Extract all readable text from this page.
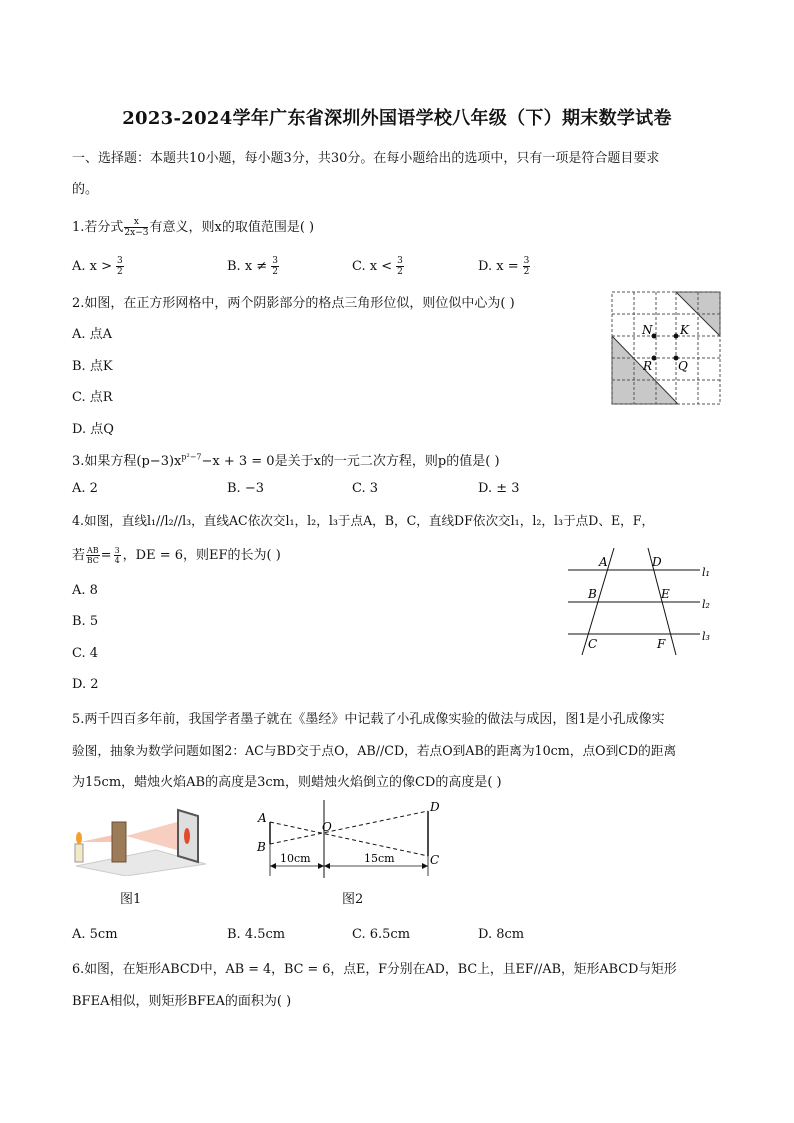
2023-2024学年广东省深圳外国语学校八年级（下）期末数学试卷
一、选择题：本题共10小题，每小题3分，共30分。在每小题给出的选项中，只有一项是符合题目要求
的。
1.若分式 $\frac{x}{2x-3}$ 有意义，则x的取值范围是( )
A. $x > \frac{3}{2}$	B. $x \ne \frac{3}{2}$	C. $x < \frac{3}{2}$	D. $x = \frac{3}{2}$
2.如图，在正方形网格中，两个阴影部分的格点三角形位似，则位似中心为( )
A. 点A
B. 点K
C. 点R
D. 点Q
N K
R Q
3.如果方程$(p-3)x^{p^2-7}-x + 3 = 0$是关于x的一元二次方程，则p的值是( )
A. 2	B. −3	C. 3	D. ± 3
4.如图，直线l₁//l₂//l₃，直线AC依次交l₁，l₂，l₃于点A，B，C，直线DF依次交l₁，l₂，l₃于点D、E，F，
若 $\frac{AB}{BC} = \frac{3}{4}$ ，DE = 6，则EF的长为( )
A. 8
B. 5
C. 4
D. 2
A	D
B	E
C	F
l₁
l₂
l₃
5.两千四百多年前，我国学者墨子就在《墨经》中记载了小孔成像实验的做法与成因，图1是小孔成像实
验图，抽象为数学问题如图2：AC与BD交于点O，AB//CD，若点O到AB的距离为10cm，点O到CD的距离
为15cm，蜡烛火焰AB的高度是3cm，则蜡烛火焰倒立的像CD的高度是( )
图1
A
B
O
D
C
10cm	15cm
图2
A. 5cm	B. 4.5cm	C. 6.5cm	D. 8cm
6.如图，在矩形ABCD中，AB = 4，BC = 6，点E，F分别在AD，BC上，且EF//AB，矩形ABCD与矩形
BFEA相似，则矩形BFEA的面积为( )
